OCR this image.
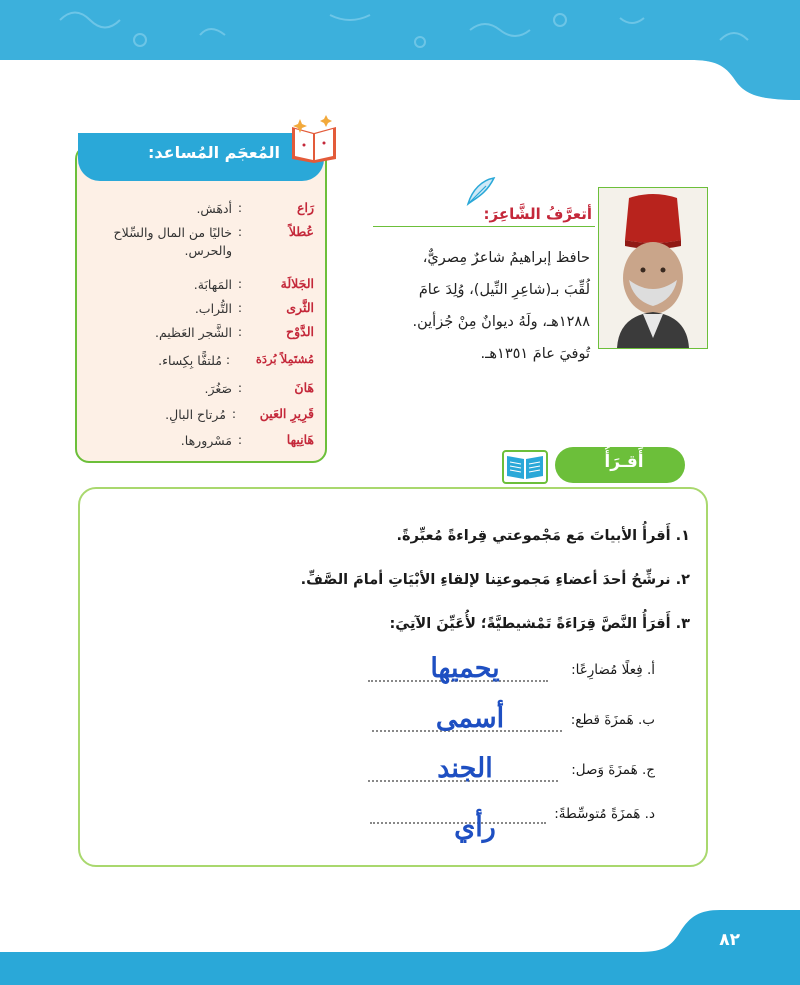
المُعجَم المُساعد:
رَاع
:
أدهَش.
عُطلاً
:
خاليًا من المال والسِّلاح والحرس.
الجَلالَة
:
المَهابَة.
الثَّرى
:
التُّراب.
الدَّوْح
:
الشَّجر العَظيم.
مُشتَمِلاً بُردَة
:
مُلتفًّا بِكِساء.
هَانَ
:
صَغُرَ.
قَرِيرِ العَين
:
مُرتاح البالِ.
هَانِيها
:
مَسْرورها.
أتعرَّفُ الشَّاعِرَ:
حافظ إبراهيمُ شاعرٌ مِصريٌّ،
لُقِّبَ بـ(شاعِرِ النِّيل)، وُلِدَ عامَ
١٢٨٨هـ، ولَهُ ديوانٌ مِنْ جُزأين.
تُوفيَ عامَ ١٣٥١هـ.
أَقـرَأُ
١. أَقرأُ الأبياتَ مَع مَجْموعتي قِراءةً مُعبِّرةً.
٢. نرشِّحُ أحدَ أعضاءِ مَجموعتِنا لإلقاءِ الأبْيَاتِ أمامَ الصَّفِّ.
٣. أَقرَأُ النَّصَّ قِرَاءَةً تَمْشيطيَّةً؛ لأُعَيِّنَ الآتِيَ:
أ. فِعلًا مُضارِعًا:
يحميها
ب. هَمزَةَ قطع:
أسمى
ج. هَمزَةَ وَصل:
الجند
د. هَمزَةً مُتوسِّطةً:
رأي
٨٢
